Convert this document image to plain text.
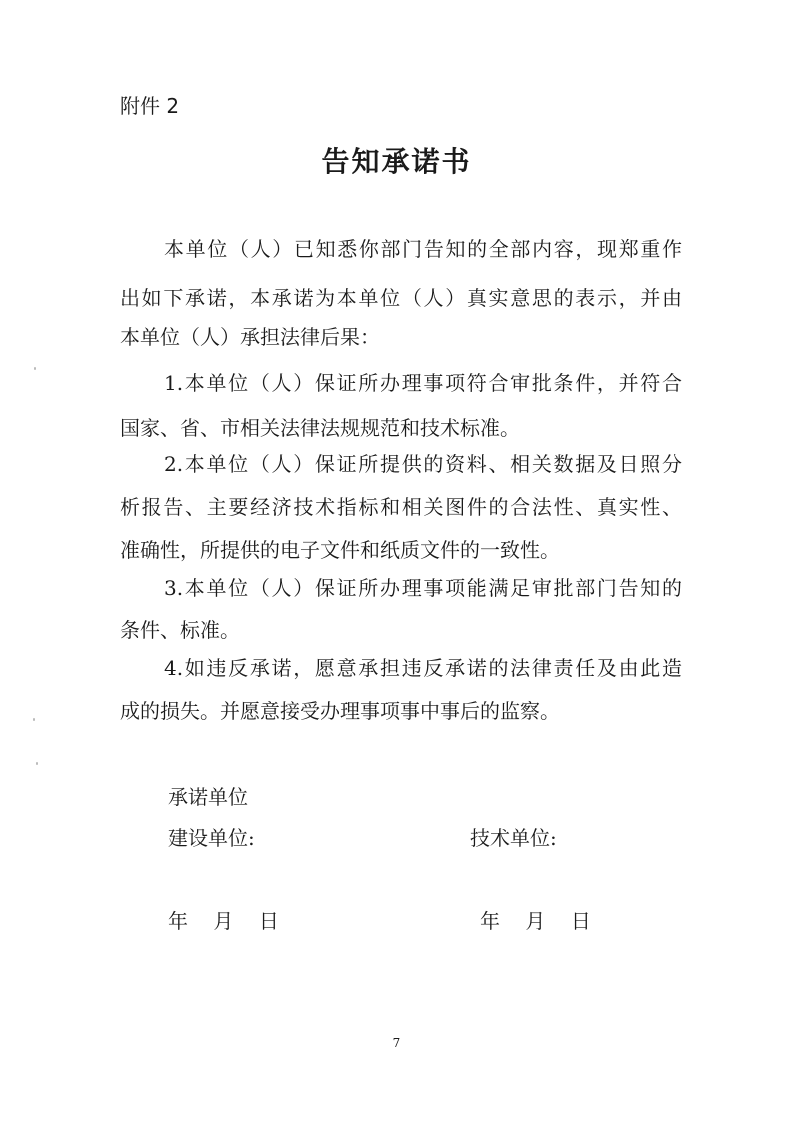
附件 2
告知承诺书
本单位（人）已知悉你部门告知的全部内容，现郑重作
出如下承诺，本承诺为本单位（人）真实意思的表示，并由
本单位（人）承担法律后果：
1.本单位（人）保证所办理事项符合审批条件，并符合
国家、省、市相关法律法规规范和技术标准。
2.本单位（人）保证所提供的资料、相关数据及日照分
析报告、主要经济技术指标和相关图件的合法性、真实性、
准确性，所提供的电子文件和纸质文件的一致性。
3.本单位（人）保证所办理事项能满足审批部门告知的
条件、标准。
4.如违反承诺，愿意承担违反承诺的法律责任及由此造
成的损失。并愿意接受办理事项事中事后的监察。
承诺单位
建设单位:	技术单位:
年    月    日	年    月    日
7
